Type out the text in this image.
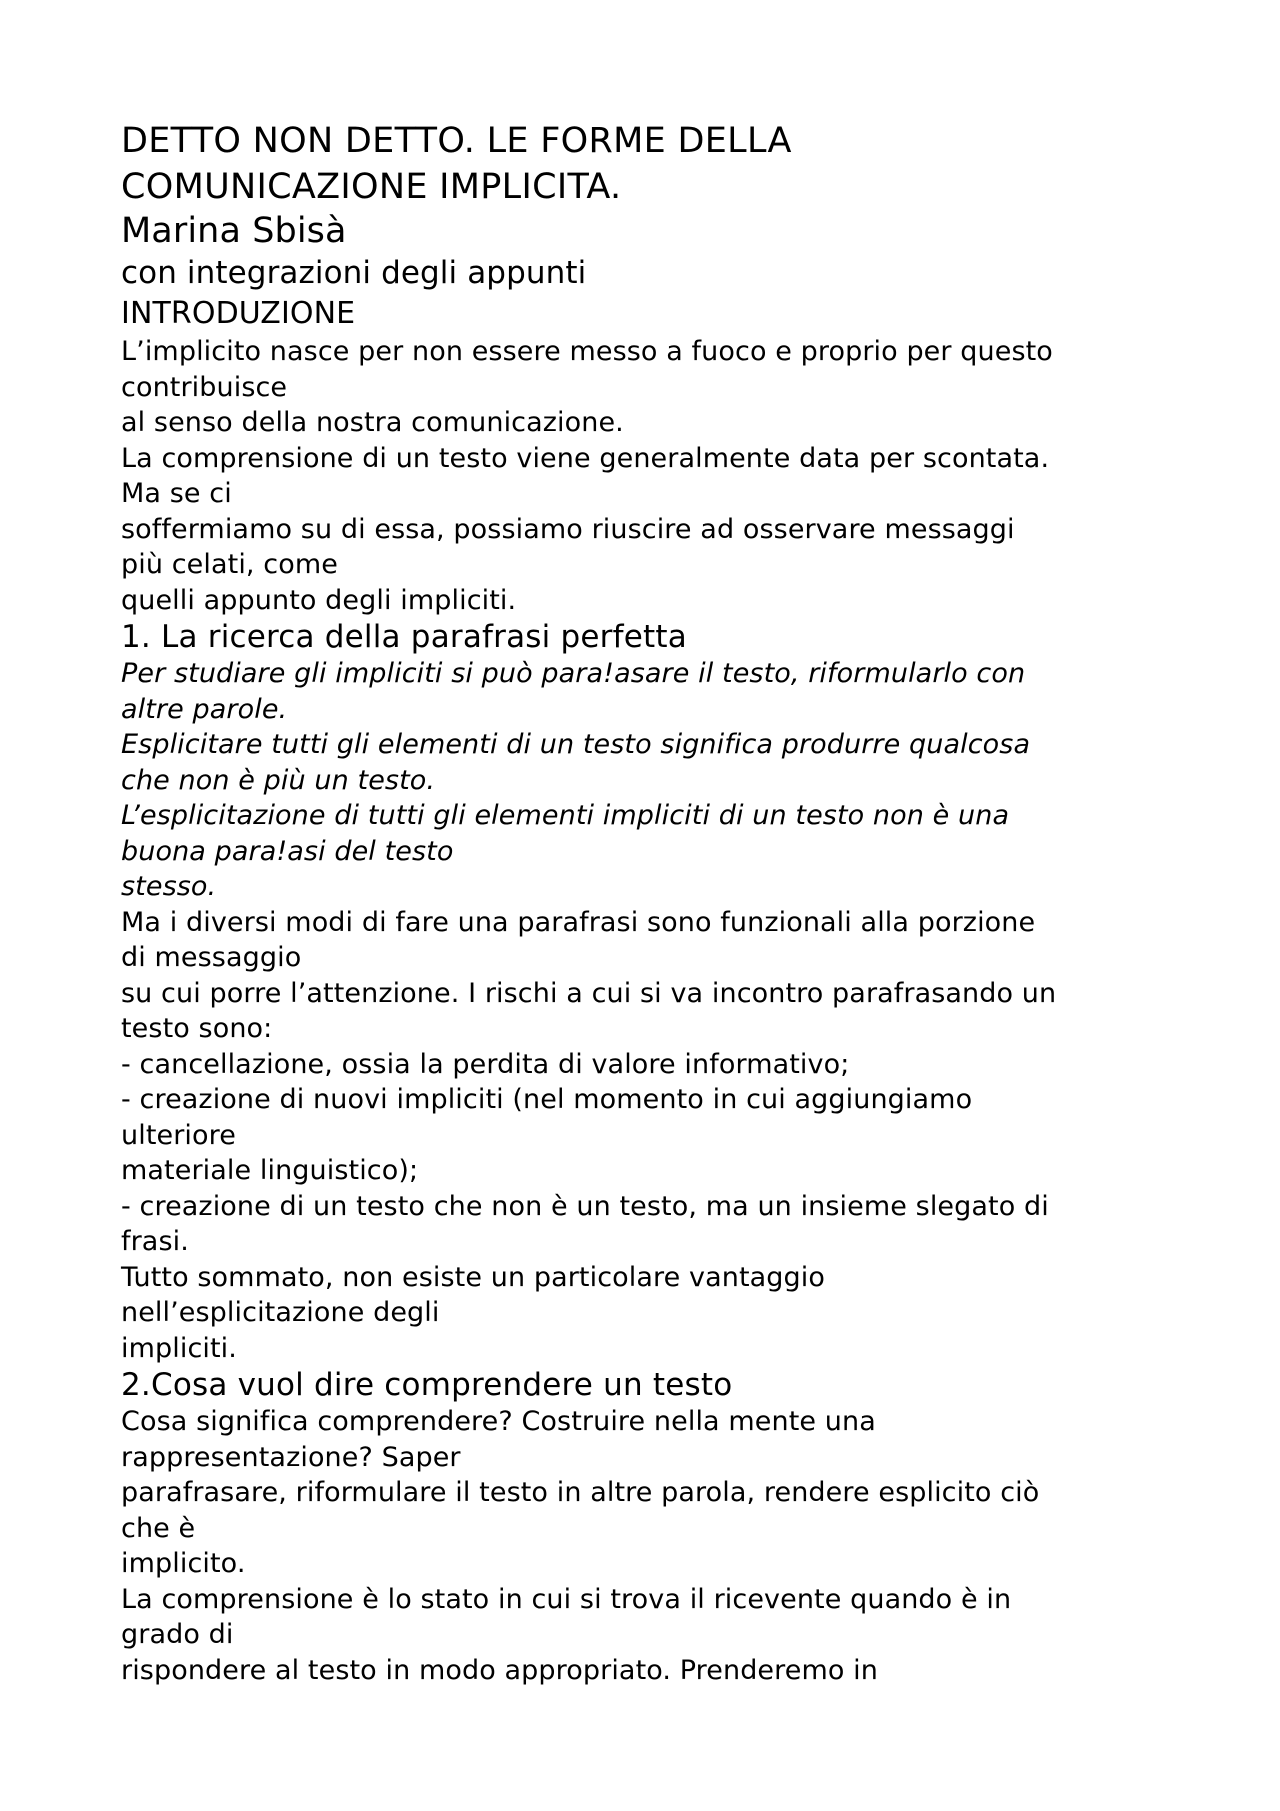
DETTO NON DETTO. LE FORME DELLA
COMUNICAZIONE IMPLICITA.
Marina Sbisà
con integrazioni degli appunti
INTRODUZIONE
L’implicito nasce per non essere messo a fuoco e proprio per questo
contribuisce
al senso della nostra comunicazione.
La comprensione di un testo viene generalmente data per scontata.
Ma se ci
soffermiamo su di essa, possiamo riuscire ad osservare messaggi
più celati, come
quelli appunto degli impliciti.
1. La ricerca della parafrasi perfetta
Per studiare gli impliciti si può para!asare il testo, riformularlo con
altre parole.
Esplicitare tutti gli elementi di un testo significa produrre qualcosa
che non è più un testo.
L’esplicitazione di tutti gli elementi impliciti di un testo non è una
buona para!asi del testo
stesso.
Ma i diversi modi di fare una parafrasi sono funzionali alla porzione
di messaggio
su cui porre l’attenzione. I rischi a cui si va incontro parafrasando un
testo sono:
- cancellazione, ossia la perdita di valore informativo;
- creazione di nuovi impliciti (nel momento in cui aggiungiamo
ulteriore
materiale linguistico);
- creazione di un testo che non è un testo, ma un insieme slegato di
frasi.
Tutto sommato, non esiste un particolare vantaggio
nell’esplicitazione degli
impliciti.
2.Cosa vuol dire comprendere un testo
Cosa significa comprendere? Costruire nella mente una
rappresentazione? Saper
parafrasare, riformulare il testo in altre parola, rendere esplicito ciò
che è
implicito.
La comprensione è lo stato in cui si trova il ricevente quando è in
grado di
rispondere al testo in modo appropriato. Prenderemo in
